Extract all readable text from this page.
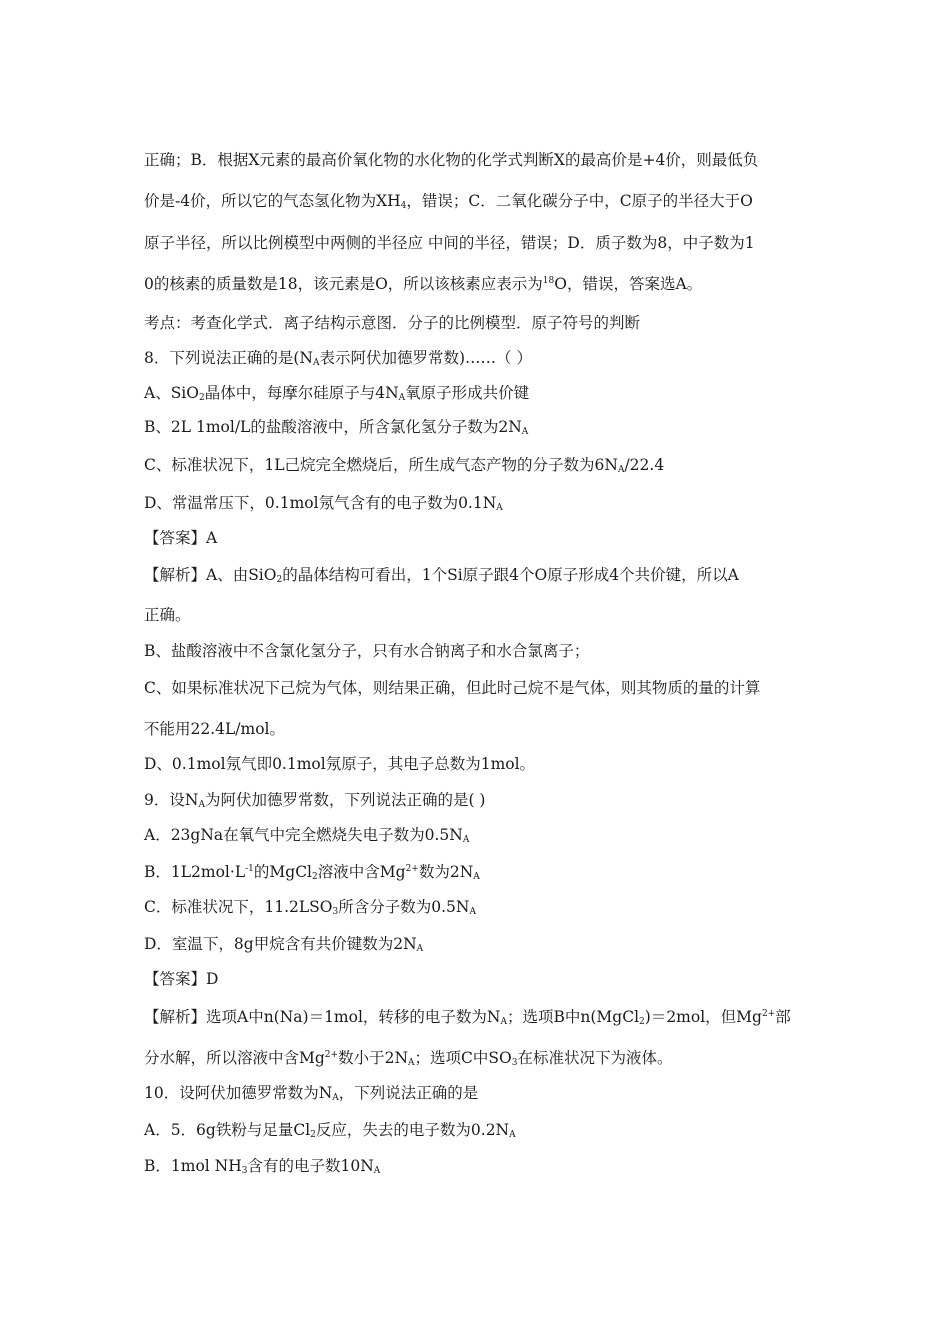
正确；B．根据X元素的最高价氧化物的水化物的化学式判断X的最高价是+4价，则最低负
价是-4价，所以它的气态氢化物为$XH_4$，错误；C．二氧化碳分子中，C原子的半径大于O
原子半径，所以比例模型中两侧的半径应 中间的半径，错误；D．质子数为8，中子数为1
0的核素的质量数是18，该元素是O，所以该核素应表示为$^{18}$O，错误，答案选A。
考点：考查化学式．离子结构示意图．分子的比例模型．原子符号的判断
8．下列说法正确的是($N_A$表示阿伏加德罗常数)……（ ）
A、SiO$_2$晶体中，每摩尔硅原子与$4N_A$氧原子形成共价键
B、2L 1mol/L的盐酸溶液中，所含氯化氢分子数为$2N_A$
C、标准状况下，1L己烷完全燃烧后，所生成气态产物的分子数为$6N_A/22.4$
D、常温常压下，0.1mol氖气含有的电子数为$0.1N_A$
【答案】A
【解析】A、由SiO$_2$的晶体结构可看出，1个Si原子跟4个O原子形成4个共价键，所以A
正确。
B、盐酸溶液中不含氯化氢分子，只有水合钠离子和水合氯离子；
C、如果标准状况下己烷为气体，则结果正确，但此时己烷不是气体，则其物质的量的计算
不能用22.4L/mol。
D、0.1mol氖气即0.1mol氖原子，其电子总数为1mol。
9．设$N_A$为阿伏加德罗常数，下列说法正确的是( )
A．23gNa在氧气中完全燃烧失电子数为$0.5N_A$
B．$1L2mol\cdot L^{-1}$的MgCl$_2$溶液中含$Mg^{2+}$数为$2N_A$
C．标准状况下，$11.2LSO_3$所含分子数为$0.5N_A$
D．室温下，8g甲烷含有共价键数为$2N_A$
【答案】D
【解析】选项A中n(Na)＝1mol，转移的电子数为$N_A$；选项B中n(MgCl$_2$)＝2mol，但$Mg^{2+}$部
分水解，所以溶液中含$Mg^{2+}$数小于$2N_A$；选项C中$SO_3$在标准状况下为液体。
10．设阿伏加德罗常数为$N_A$，下列说法正确的是
A．5．6g铁粉与足量$Cl_2$反应，失去的电子数为$0.2N_A$
B．1mol $NH_3$含有的电子数$10N_A$
